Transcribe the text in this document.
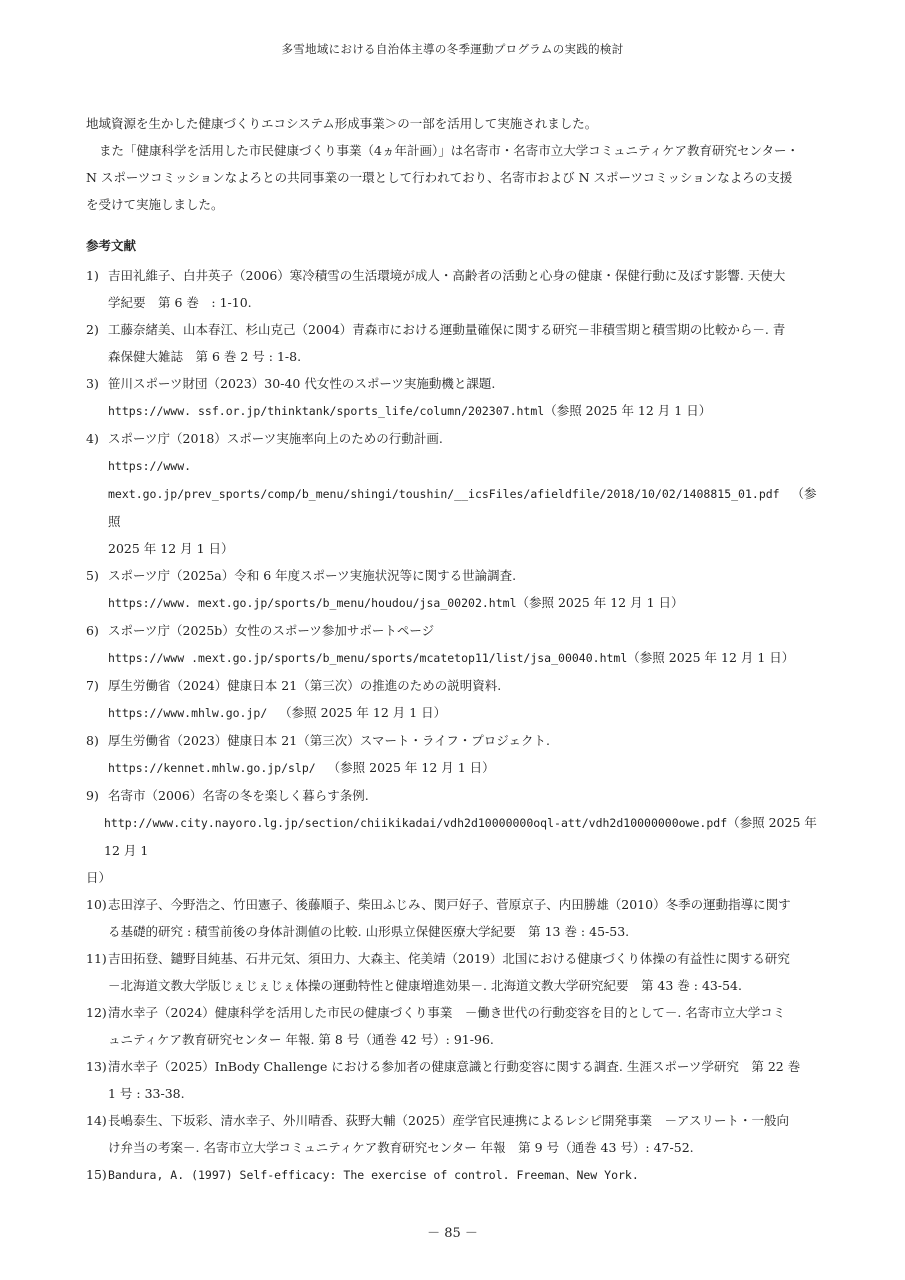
多雪地域における自治体主導の冬季運動プログラムの実践的検討

地域資源を生かした健康づくりエコシステム形成事業＞の一部を活用して実施されました。

また「健康科学を活用した市民健康づくり事業（4ヵ年計画）」は名寄市・名寄市立大学コミュニティケア教育研究センター・

N スポーツコミッションなよろとの共同事業の一環として行われており、名寄市および N スポーツコミッションなよろの支援

を受けて実施しました。

参考文献
1) 吉田礼維子、白井英子（2006）寒冷積雪の生活環境が成人・高齢者の活動と心身の健康・保健行動に及ぼす影響. 天使大
学紀要　第 6 巻　: 1-10.
2) 工藤奈緒美、山本春江、杉山克己（2004）青森市における運動量確保に関する研究－非積雪期と積雪期の比較から－. 青
森保健大雑誌　第 6 巻 2 号 : 1-8.
3) 笹川スポーツ財団（2023）30-40 代女性のスポーツ実施動機と課題.
https://www. ssf.or.jp/thinktank/sports_life/column/202307.html（参照 2025 年 12 月 1 日）
4) スポーツ庁（2018）スポーツ実施率向上のための行動計画.
https://www.
mext.go.jp/prev_sports/comp/b_menu/shingi/toushin/__icsFiles/afieldfile/2018/10/02/1408815_01.pdf （参照
2025 年 12 月 1 日）
5) スポーツ庁（2025a）令和 6 年度スポーツ実施状況等に関する世論調査.
https://www. mext.go.jp/sports/b_menu/houdou/jsa_00202.html（参照 2025 年 12 月 1 日）
6) スポーツ庁（2025b）女性のスポーツ参加サポートページ
https://www .mext.go.jp/sports/b_menu/sports/mcatetop11/list/jsa_00040.html（参照 2025 年 12 月 1 日）
7) 厚生労働省（2024）健康日本 21（第三次）の推進のための説明資料.
https://www.mhlw.go.jp/ （参照 2025 年 12 月 1 日）
8) 厚生労働省（2023）健康日本 21（第三次）スマート・ライフ・プロジェクト.
https://kennet.mhlw.go.jp/slp/ （参照 2025 年 12 月 1 日）
9) 名寄市（2006）名寄の冬を楽しく暮らす条例.
http://www.city.nayoro.lg.jp/section/chiikikadai/vdh2d10000000oql-att/vdh2d10000000owe.pdf（参照 2025 年 12 月 1
日）
10)志田淳子、今野浩之、竹田憲子、後藤順子、柴田ふじみ、関戸好子、菅原京子、内田勝雄（2010）冬季の運動指導に関す
る基礎的研究 : 積雪前後の身体計測値の比較. 山形県立保健医療大学紀要　第 13 巻 : 45-53.
11)吉田拓登、鑓野目純基、石井元気、須田力、大森主、侘美靖（2019）北国における健康づくり体操の有益性に関する研究
－北海道文教大学版じぇじぇじぇ体操の運動特性と健康増進効果－. 北海道文教大学研究紀要　第 43 巻 : 43-54.
12)清水幸子（2024）健康科学を活用した市民の健康づくり事業　－働き世代の行動変容を目的として－. 名寄市立大学コミ
ュニティケア教育研究センター 年報. 第 8 号（通巻 42 号）: 91-96.
13)清水幸子（2025）InBody Challenge における参加者の健康意識と行動変容に関する調査. 生涯スポーツ学研究　第 22 巻
1 号 : 33-38.
14)長嶋泰生、下坂彩、清水幸子、外川晴香、荻野大輔（2025）産学官民連携によるレシピ開発事業　－アスリート・一般向
け弁当の考案－. 名寄市立大学コミュニティケア教育研究センター 年報　第 9 号（通巻 43 号）: 47-52.
15)Bandura, A. (1997) Self-efficacy: The exercise of control. Freeman、New York.
－ 85 －
